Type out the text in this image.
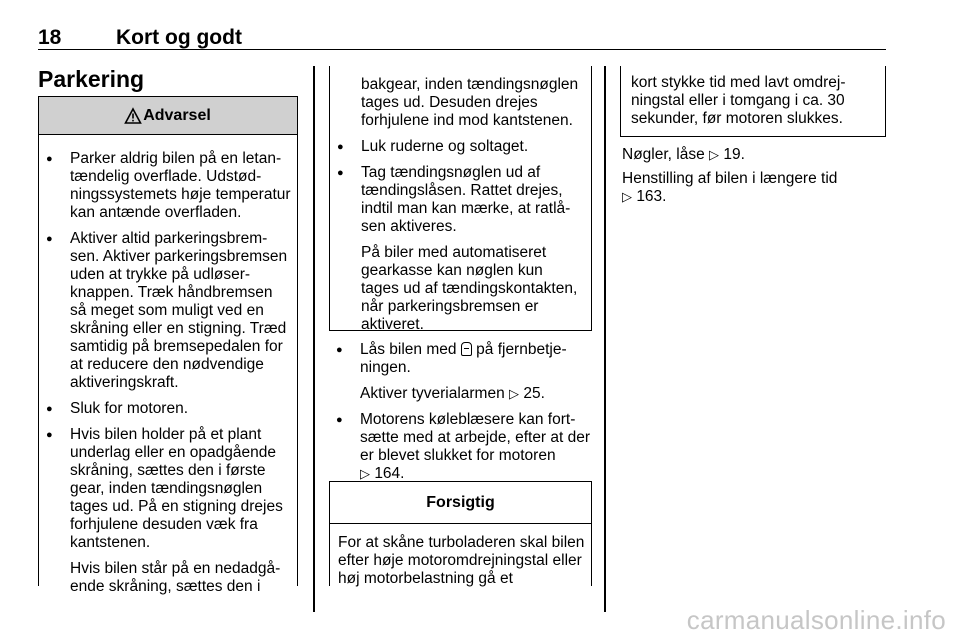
18	Kort og godt
Parkering
Advarsel
● Parker aldrig bilen på en letantændelig overflade. Udstødningssystemets høje temperatur kan antænde overfladen.
● Aktiver altid parkeringsbremsen. Aktiver parkeringsbremsen uden at trykke på udløserknappen. Træk håndbremsen så meget som muligt ved en skråning eller en stigning. Træd samtidig på bremsepedalen for at reducere den nødvendige aktiveringskraft.
● Sluk for motoren.
● Hvis bilen holder på et plant underlag eller en opadgående skråning, sættes den i første gear, inden tændingsnøglen tages ud. På en stigning drejes forhjulene desuden væk fra kantstenen.
Hvis bilen står på en nedadgående skråning, sættes den i
bakgear, inden tændingsnøglen tages ud. Desuden drejes forhjulene ind mod kantstenen.
● Luk ruderne og soltaget.
● Tag tændingsnøglen ud af tændingslåsen. Rattet drejes, indtil man kan mærke, at ratlåsen aktiveres.
På biler med automatiseret gearkasse kan nøglen kun tages ud af tændingskontakten, når parkeringsbremsen er aktiveret.
● Lås bilen med på fjernbetjeningen.
Aktiver tyverialarmen ▷ 25.
● Motorens køleblæsere kan fortsætte med at arbejde, efter at der er blevet slukket for motoren
▷ 164.
Forsigtig
For at skåne turboladeren skal bilen efter høje motoromdrejningstal eller høj motorbelastning gå et
kort stykke tid med lavt omdrejningstal eller i tomgang i ca. 30 sekunder, før motoren slukkes.

Nøgler, låse ▷ 19.

Henstilling af bilen i længere tid
▷ 163.

carmanualsonline.info
